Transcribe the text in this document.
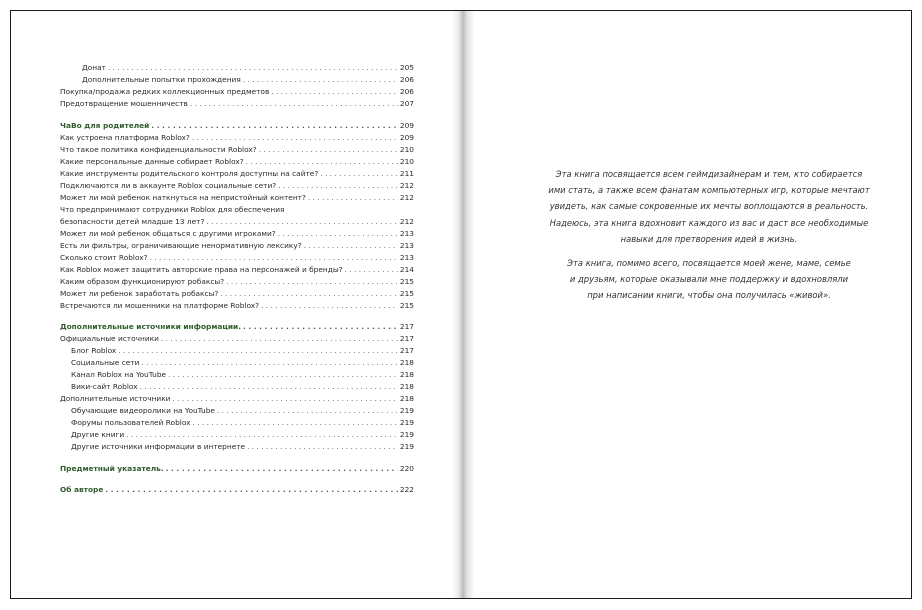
Донат . . .	205
Дополнительные попытки прохождения . . .	206
Покупка/продажа редких коллекционных предметов . . .	206
Предотвращение мошенничеств . . .	207
ЧаВо для родителей . . .	209
Как устроена платформа Roblox? . . .	209
Что такое политика конфиденциальности Roblox? . . .	210
Какие персональные данные собирает Roblox? . . .	210
Какие инструменты родительского контроля доступны на сайте? . . .	211
Подключаются ли в аккаунте Roblox социальные сети? . . .	212
Может ли мой ребенок наткнуться на непристойный контент? . . .	212
Что предпринимают сотрудники Roblox для обеспечения
безопасности детей младше 13 лет? . . .	212
Может ли мой ребенок общаться с другими игроками? . . .	213
Есть ли фильтры, ограничивающие ненормативную лексику? . . .	213
Сколько стоит Roblox? . . .	213
Как Roblox может защитить авторские права на персонажей и бренды? . . .	214
Каким образом функционируют робаксы? . . .	215
Может ли ребенок заработать робаксы? . . .	215
Встречаются ли мошенники на платформе Roblox? . . .	215
Дополнительные источники информации. . . .	217
Официальные источники . . .	217
Блог Roblox . . .	217
Социальные сети . . .	218
Канал Roblox на YouTube . . .	218
Вики-сайт Roblox . . .	218
Дополнительные источники . . .	218
Обучающие видеоролики на YouTube . . .	219
Форумы пользователей Roblox . . .	219
Другие книги . . .	219
Другие источники информации в интернете . . .	219
Предметный указатель. . . .	220
Об авторе . . .	222

Эта книга посвящается всем геймдизайнерам и тем, кто собирается

ими стать, а также всем фанатам компьютерных игр, которые мечтают

увидеть, как самые сокровенные их мечты воплощаются в реальность.

Надеюсь, эта книга вдохновит каждого из вас и даст все необходимые

навыки для претворения идей в жизнь.

Эта книга, помимо всего, посвящается моей жене, маме, семье

и друзьям, которые оказывали мне поддержку и вдохновляли

при написании книги, чтобы она получилась «живой».
